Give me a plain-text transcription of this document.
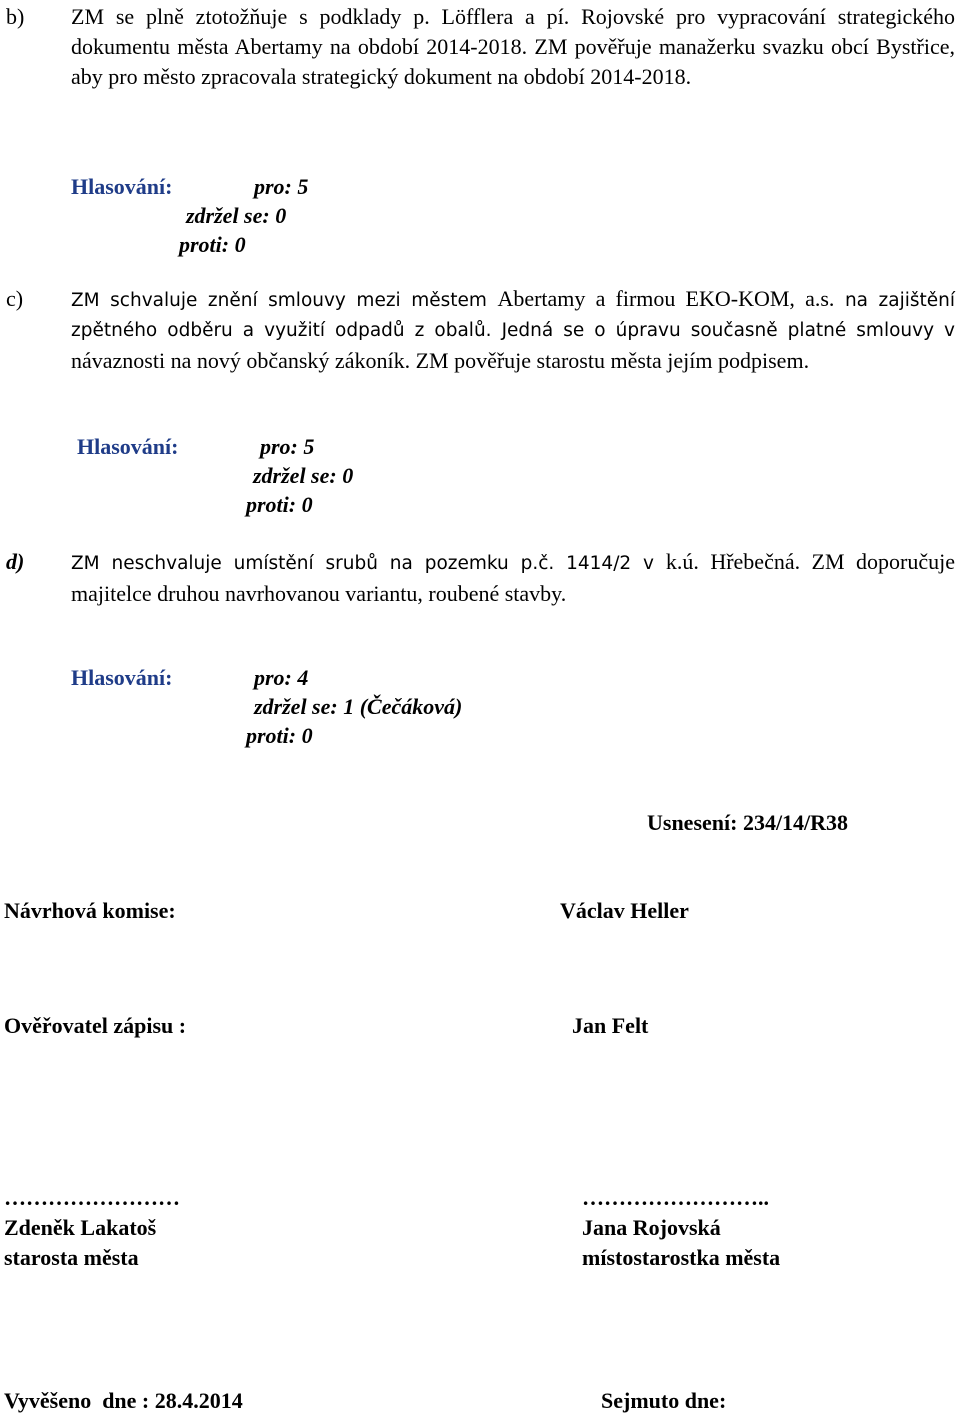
b) ZM se plně ztotožňuje s podklady p. Löfflera a pí. Rojovské pro vypracování strategického dokumentu města Abertamy na období 2014-2018. ZM pověřuje manažerku svazku obcí Bystřice, aby pro město zpracovala strategický dokument na období 2014-2018.
Hlasování:	pro: 5
zdržel se: 0
proti: 0
c)	ZM schvaluje znění smlouvy mezi městem Abertamy a firmou EKO-KOM, a.s. na zajištění zpětného odběru a využití odpadů z obalů. Jedná se o úpravu současně platné smlouvy v návaznosti na nový občanský zákoník. ZM pověřuje starostu města jejím podpisem.
Hlasování:	pro: 5
zdržel se: 0
proti: 0
d)	ZM neschvaluje umístění srubů na pozemku p.č. 1414/2 v k.ú. Hřebečná. ZM doporučuje majitelce druhou navrhovanou variantu, roubené stavby.
Hlasování:	pro: 4
zdržel se: 1 (Čečáková)
proti: 0
Usnesení: 234/14/R38
Návrhová komise:	Václav Heller
Ověřovatel zápisu :	Jan Felt
……………………
Zdeněk Lakatoš
starosta města
……………………..
Jana Rojovská
místostarostka města
Vyvěšeno  dne : 28.4.2014	Sejmuto dne:
